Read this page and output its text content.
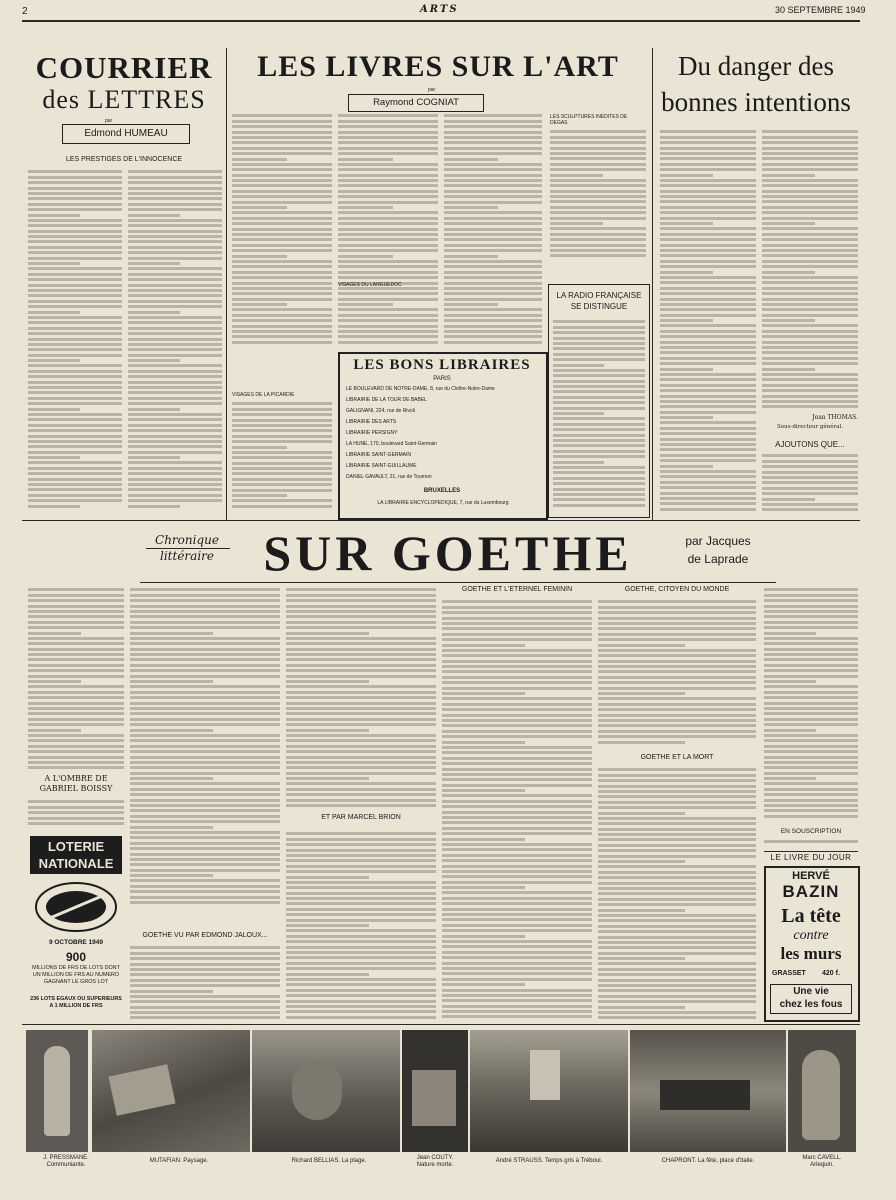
2	ARTS	30 SEPTEMBRE 1949
COURRIER
des LETTRES
par
Edmond HUMEAU
LES PRESTIGES DE L'INNOCENCE
LES LIVRES SUR L'ART
par
Raymond COGNIAT
VISAGES DU LANGUEDOC
VISAGES DE LA PICARDIE
LES SCULPTURES INEDITES DE DEGAS
LES BONS LIBRAIRES
PARIS
LE BOULEVARD DE NOTRE-DAME, 8, rue du Cloître-Notre-Dame
LIBRAIRIE DE LA TOUR DE BABEL
GALIGNANI, 224, rue de Rivoli
LIBRAIRIE DES ARTS
LIBRAIRIE PERSIGNY
LA HUNE, 170, boulevard Saint-Germain
LIBRAIRIE SAINT-GERMAIN
LIBRAIRIE SAINT-GUILLAUME
DANIEL GAVAULT, 21, rue de Tournon
BRUXELLES
LA LIBRAIRIE ENCYCLOPÉDIQUE, 7, rue du Luxembourg
LA RADIO FRANÇAISE SE DISTINGUE
Du danger des bonnes intentions
Jean THOMAS.
Sous-directeur général.
AJOUTONS QUE...
Chronique
littéraire SUR GOETHE	par Jacques
de Laprade
ET PAR MARCEL BRION
GOETHE ET L'ETERNEL FEMININ	GOETHE, CITOYEN DU MONDE
GOETHE ET LA MORT
GOETHE VU PAR EDMOND JALOUX...
A L'OMBRE DE GABRIEL BOISSY
LOTERIE
NATIONALE
9 OCTOBRE 1949
900
MILLIONS DE FRS DE LOTS DONT UN MILLION DE FRS AU NUMERO GAGNANT LE GROS LOT
236 LOTS EGAUX OU SUPERIEURS A 1 MILLION DE FRS
EN SOUSCRIPTION
LE LIVRE DU JOUR
HERVÉ
BAZIN
La tête
contre
les murs
GRASSET 420 f.
Une vie
chez les fous
J. PRESSMANE.
Communiante.
MUTAFIAN. Paysage.	Richard BELLIAS. La plage.	Jean COUTY.
Nature morte.
André STRAUSS. Temps gris à Tréboul.	CHAPRONT. La fête, place d'Italie.	Marc CAVELL.
Arlequin.
